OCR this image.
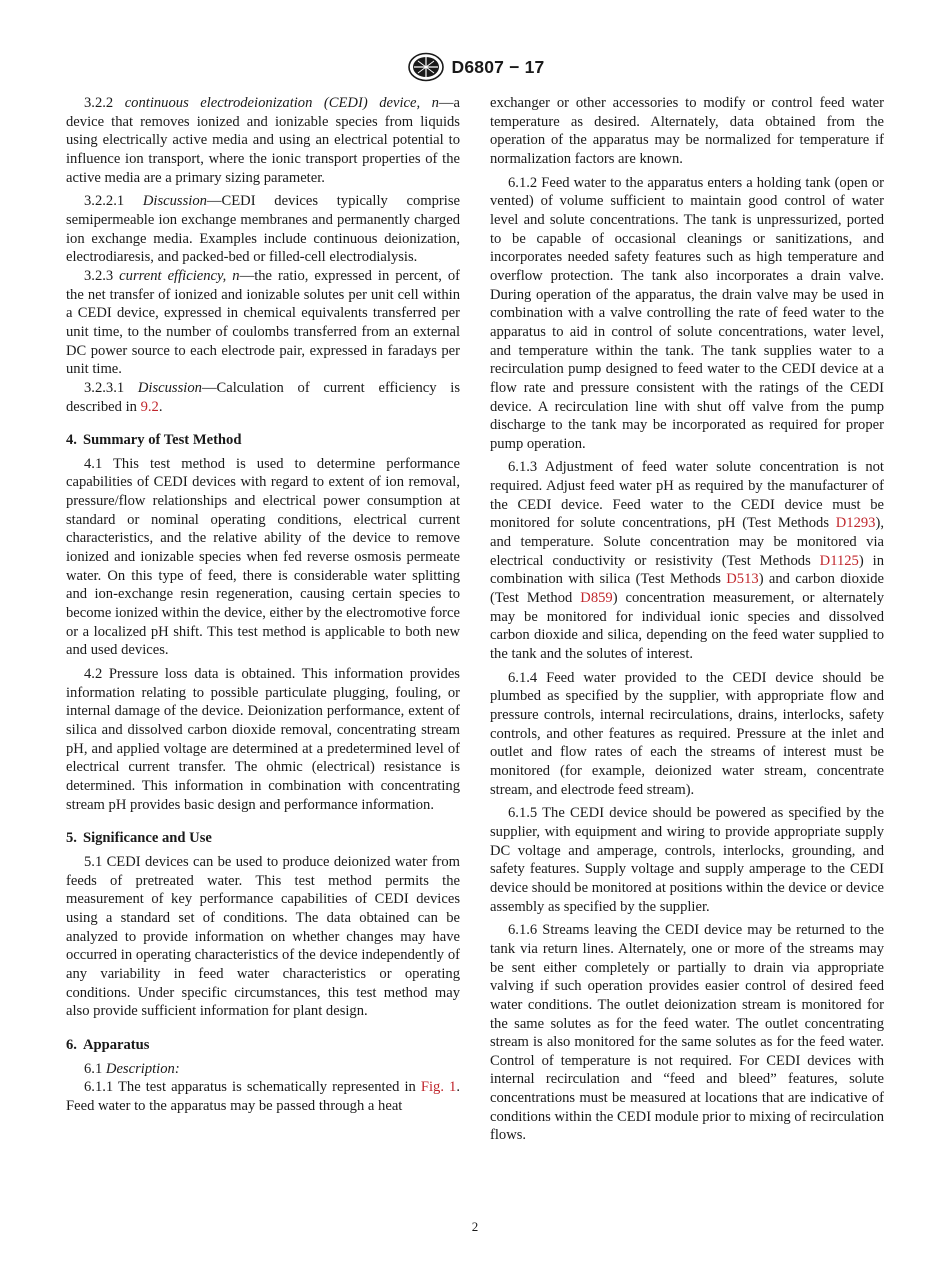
D6807 − 17

3.2.2 continuous electrodeionization (CEDI) device, n—a device that removes ionized and ionizable species from liquids using electrically active media and using an electrical potential to influence ion transport, where the ionic transport properties of the active media are a primary sizing parameter.

3.2.2.1 Discussion—CEDI devices typically comprise semipermeable ion exchange membranes and permanently charged ion exchange media. Examples include continuous deionization, electrodiaresis, and packed-bed or filled-cell electrodialysis.

3.2.3 current efficiency, n—the ratio, expressed in percent, of the net transfer of ionized and ionizable solutes per unit cell within a CEDI device, expressed in chemical equivalents transferred per unit time, to the number of coulombs transferred from an external DC power source to each electrode pair, expressed in faradays per unit time.

3.2.3.1 Discussion—Calculation of current efficiency is described in 9.2.

4. Summary of Test Method

4.1 This test method is used to determine performance capabilities of CEDI devices with regard to extent of ion removal, pressure/flow relationships and electrical power consumption at standard or nominal operating conditions, electrical current characteristics, and the relative ability of the device to remove ionized and ionizable species when fed reverse osmosis permeate water. On this type of feed, there is considerable water splitting and ion-exchange resin regeneration, causing certain species to become ionized within the device, either by the electromotive force or a localized pH shift. This test method is applicable to both new and used devices.

4.2 Pressure loss data is obtained. This information provides information relating to possible particulate plugging, fouling, or internal damage of the device. Deionization performance, extent of silica and dissolved carbon dioxide removal, concentrating stream pH, and applied voltage are determined at a predetermined level of electrical current transfer. The ohmic (electrical) resistance is determined. This information in combination with concentrating stream pH provides basic design and performance information.

5. Significance and Use

5.1 CEDI devices can be used to produce deionized water from feeds of pretreated water. This test method permits the measurement of key performance capabilities of CEDI devices using a standard set of conditions. The data obtained can be analyzed to provide information on whether changes may have occurred in operating characteristics of the device independently of any variability in feed water characteristics or operating conditions. Under specific circumstances, this test method may also provide sufficient information for plant design.

6. Apparatus

6.1 Description:

6.1.1 The test apparatus is schematically represented in Fig. 1. Feed water to the apparatus may be passed through a heat

exchanger or other accessories to modify or control feed water temperature as desired. Alternately, data obtained from the operation of the apparatus may be normalized for temperature if normalization factors are known.

6.1.2 Feed water to the apparatus enters a holding tank (open or vented) of volume sufficient to maintain good control of water level and solute concentrations. The tank is unpressurized, ported to be capable of occasional cleanings or sanitizations, and incorporates needed safety features such as high temperature and overflow protection. The tank also incorporates a drain valve. During operation of the apparatus, the drain valve may be used in combination with a valve controlling the rate of feed water to the apparatus to aid in control of solute concentrations, water level, and temperature within the tank. The tank supplies water to a recirculation pump designed to feed water to the CEDI device at a flow rate and pressure consistent with the ratings of the CEDI device. A recirculation line with shut off valve from the pump discharge to the tank may be incorporated as required for proper pump operation.

6.1.3 Adjustment of feed water solute concentration is not required. Adjust feed water pH as required by the manufacturer of the CEDI device. Feed water to the CEDI device must be monitored for solute concentrations, pH (Test Methods D1293), and temperature. Solute concentration may be monitored via electrical conductivity or resistivity (Test Methods D1125) in combination with silica (Test Methods D513) and carbon dioxide (Test Method D859) concentration measurement, or alternately may be monitored for individual ionic species and dissolved carbon dioxide and silica, depending on the feed water supplied to the tank and the solutes of interest.

6.1.4 Feed water provided to the CEDI device should be plumbed as specified by the supplier, with appropriate flow and pressure controls, internal recirculations, drains, interlocks, safety controls, and other features as required. Pressure at the inlet and outlet and flow rates of each the streams of interest must be monitored (for example, deionized water stream, concentrate stream, and electrode feed stream).

6.1.5 The CEDI device should be powered as specified by the supplier, with equipment and wiring to provide appropriate supply DC voltage and amperage, controls, interlocks, grounding, and safety features. Supply voltage and supply amperage to the CEDI device should be monitored at positions within the device or device assembly as specified by the supplier.

6.1.6 Streams leaving the CEDI device may be returned to the tank via return lines. Alternately, one or more of the streams may be sent either completely or partially to drain via appropriate valving if such operation provides easier control of desired feed water conditions. The outlet deionization stream is monitored for the same solutes as for the feed water. The outlet concentrating stream is also monitored for the same solutes as for the feed water. Control of temperature is not required. For CEDI devices with internal recirculation and “feed and bleed” features, solute concentrations must be measured at locations that are indicative of conditions within the CEDI module prior to mixing of recirculation flows.

2
